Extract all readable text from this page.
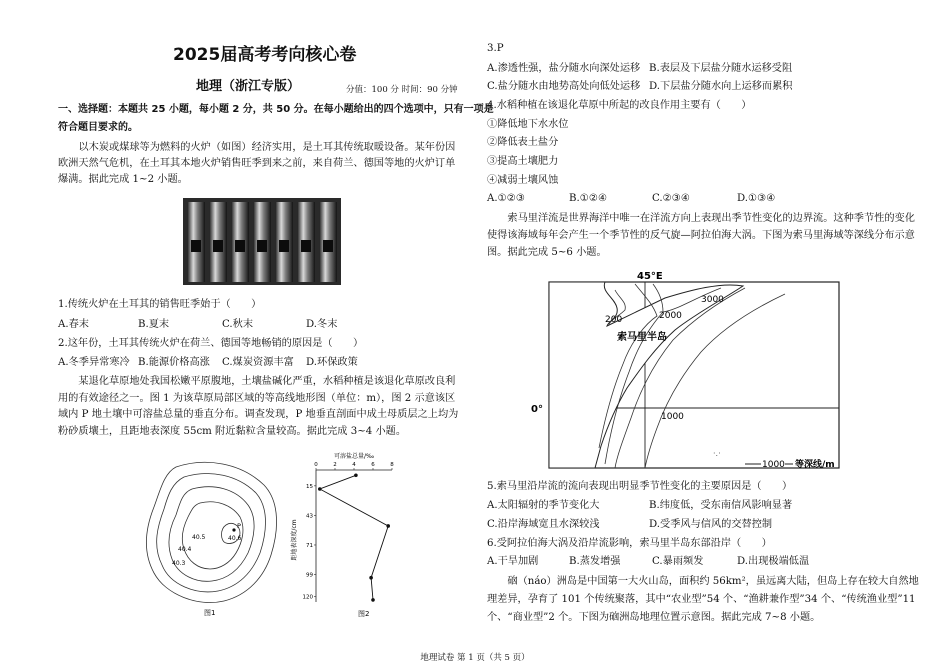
2025届高考考向核心卷
地理（浙江专版）	分值：100 分 时间：90 分钟
一、选择题：本题共 25 小题，每小题 2 分，共 50 分。在每小题给出的四个选项中，只有一项是
符合题目要求的。
以木炭或煤球等为燃料的火炉（如图）经济实用，是土耳其传统取暖设备。某年份因欧洲天然气危机，在土耳其本地火炉销售旺季到来之前，来自荷兰、德国等地的火炉订单爆满。据此完成 1~2 小题。
1.传统火炉在土耳其的销售旺季始于（　　）
A.春末	B.夏末	C.秋末	D.冬末
2.这年份，土耳其传统火炉在荷兰、德国等地畅销的原因是（　　）
A.冬季异常寒冷 B.能源价格高涨 C.煤炭资源丰富 D.环保政策
某退化草原地处我国松嫩平原腹地，土壤盐碱化严重，水稻种植是该退化草原改良利用的有效途径之一。图 1 为该草原局部区域的等高线地形图（单位：m），图 2 示意该区域内 P 地土壤中可溶盐总量的垂直分布。调查发现，P 地垂直剖面中成土母质层之上均为粉砂质壤土，且距地表深度 55cm 附近黏粒含量较高。据此完成 3~4 小题。
P
40.6
40.5
40.4
40.3
图1
可溶盐总量/‰
距地表深度/cm
0	2	4	6	8
15
43
71
99
120
图2
3.P
A.渗透性强，盐分随水向深处运移 B.表层及下层盐分随水运移受阻
C.盐分随水由地势高处向低处运移 D.下层盐分随水向上运移而累积
4.水稻种植在该退化草原中所起的改良作用主要有（　　）
①降低地下水水位
②降低表土盐分
③提高土壤肥力
④减弱土壤风蚀
A.①②③	B.①②④	C.②③④	D.①③④
索马里洋流是世界海洋中唯一在洋流方向上表现出季节性变化的边界流。这种季节性的变化使得该海域每年会产生一个季节性的反气旋—阿拉伯海大涡。下图为索马里海域等深线分布示意图。据此完成 5~6 小题。
45°E
0°
3000
2000
200
1000
索马里半岛
·.·
1000 等深线/m
5.索马里沿岸流的流向表现出明显季节性变化的主要原因是（　　）
A.太阳辐射的季节变化大	B.纬度低，受东南信风影响显著
C.沿岸海域宽且水深较浅	D.受季风与信风的交替控制
6.受阿拉伯海大涡及沿岸流影响，索马里半岛东部沿岸（　　）
A.干旱加剧	B.蒸发增强	C.暴雨频发	D.出现极端低温
硇（náo）洲岛是中国第一大火山岛，面积约 56km²，虽远离大陆，但岛上存在较大自然地理差异，孕育了 101 个传统聚落，其中“农业型”54 个、“渔耕兼作型”34 个、“传统渔业型”11 个、“商业型”2 个。下图为硇洲岛地理位置示意图。据此完成 7~8 小题。
地理试卷 第 1 页（共 5 页）
